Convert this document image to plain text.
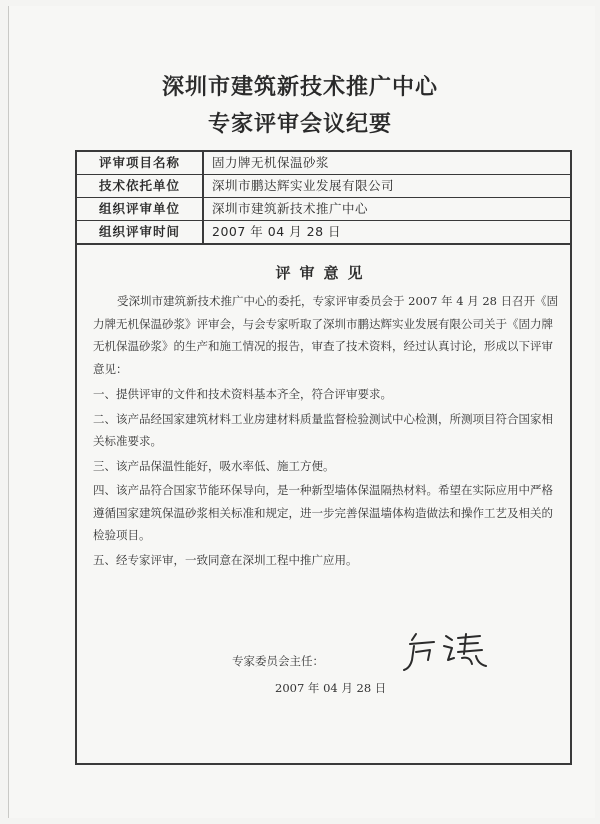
深圳市建筑新技术推广中心
专家评审会议纪要
评审项目名称	固力牌无机保温砂浆
技术依托单位	深圳市鹏达辉实业发展有限公司
组织评审单位	深圳市建筑新技术推广中心
组织评审时间	2007 年 04 月 28 日
评审意见

受深圳市建筑新技术推广中心的委托，专家评审委员会于 2007 年 4 月 28 日召开《固力牌无机保温砂浆》评审会，与会专家听取了深圳市鹏达辉实业发展有限公司关于《固力牌无机保温砂浆》的生产和施工情况的报告，审查了技术资料，经过认真讨论，形成以下评审意见：

一、提供评审的文件和技术资料基本齐全，符合评审要求。

二、该产品经国家建筑材料工业房建材料质量监督检验测试中心检测，所测项目符合国家相关标准要求。

三、该产品保温性能好，吸水率低、施工方便。

四、该产品符合国家节能环保导向，是一种新型墙体保温隔热材料。希望在实际应用中严格遵循国家建筑保温砂浆相关标准和规定，进一步完善保温墙体构造做法和操作工艺及相关的检验项目。

五、经专家评审，一致同意在深圳工程中推广应用。

专家委员会主任：
2007 年 04 月 28 日
